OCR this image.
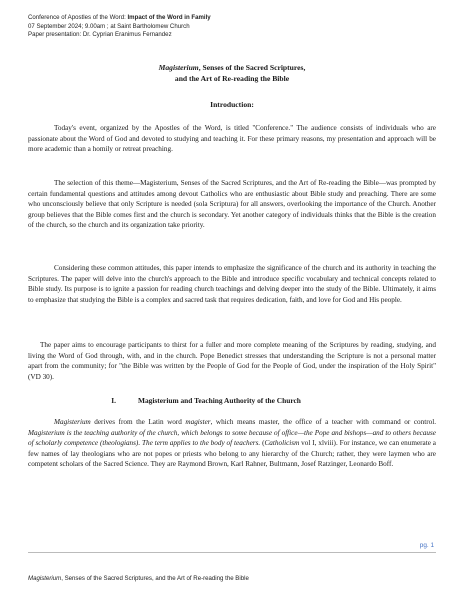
Conference of Apostles of the Word: Impact of the Word in Family
07 September 2024; 9.00am ; at Saint Bartholomew Church
Paper presentation: Dr. Cyprian Eranimus Fernandez
Magisterium, Senses of the Sacred Scriptures,
and the Art of Re-reading the Bible
Introduction:

Today's event, organized by the Apostles of the Word, is titled "Conference." The audience consists of individuals who are passionate about the Word of God and devoted to studying and teaching it. For these primary reasons, my presentation and approach will be more academic than a homily or retreat preaching.

The selection of this theme—Magisterium, Senses of the Sacred Scriptures, and the Art of Re-reading the Bible—was prompted by certain fundamental questions and attitudes among devout Catholics who are enthusiastic about Bible study and preaching. There are some who unconsciously believe that only Scripture is needed (sola Scriptura) for all answers, overlooking the importance of the Church. Another group believes that the Bible comes first and the church is secondary. Yet another category of individuals thinks that the Bible is the creation of the church, so the church and its organization take priority.

Considering these common attitudes, this paper intends to emphasize the significance of the church and its authority in teaching the Scriptures. The paper will delve into the church's approach to the Bible and introduce specific vocabulary and technical concepts related to Bible study. Its purpose is to ignite a passion for reading church teachings and delving deeper into the study of the Bible. Ultimately, it aims to emphasize that studying the Bible is a complex and sacred task that requires dedication, faith, and love for God and His people.

The paper aims to encourage participants to thirst for a fuller and more complete meaning of the Scriptures by reading, studying, and living the Word of God through, with, and in the church. Pope Benedict stresses that understanding the Scripture is not a personal matter apart from the community; for "the Bible was written by the People of God for the People of God, under the inspiration of the Holy Spirit" (VD 30).

I.	Magisterium and Teaching Authority of the Church

Magisterium derives from the Latin word magister, which means master, the office of a teacher with command or control. Magisterium is the teaching authority of the church, which belongs to some because of office—the Pope and bishops—and to others because of scholarly competence (theologians). The term applies to the body of teachers. (Catholicism vol I, xlviii). For instance, we can enumerate a few names of lay theologians who are not popes or priests who belong to any hierarchy of the Church; rather, they were laymen who are competent scholars of the Sacred Science. They are Raymond Brown, Karl Rahner, Bultmann, Josef Ratzinger, Leonardo Boff.

pg. 1
Magisterium, Senses of the Sacred Scriptures, and the Art of Re-reading the Bible
